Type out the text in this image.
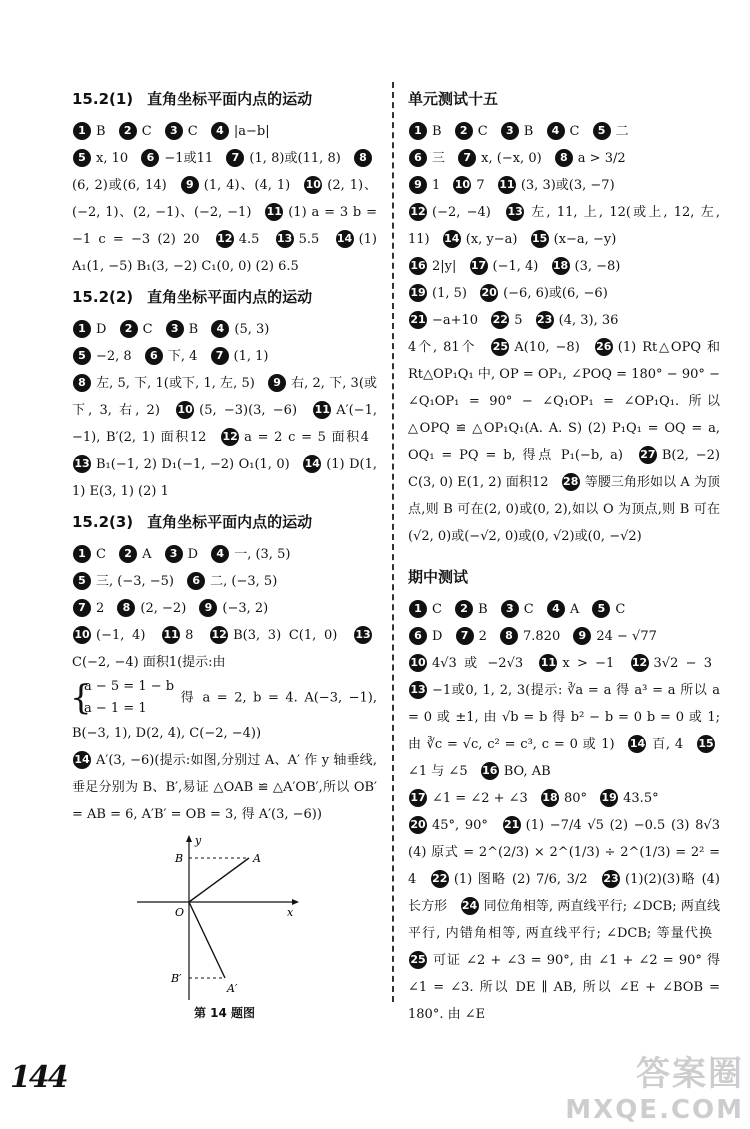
15.2(1) 直角坐标平面内点的运动
1 B 2 C 3 C 4 |a−b|
5 x, 10 6 −1或11 7 (1, 8)或(11, 8) 8(6, 2)或(6, 14) 9 (1, 4)、(4, 1) 10 (2, 1)、(−2, 1)、(2, −1)、(−2, −1) 11 (1) a = 3 b = −1 c = −3 (2) 20 12 4.5 13 5.5 14 (1) A₁(1, −5) B₁(3, −2) C₁(0, 0) (2) 6.5
15.2(2) 直角坐标平面内点的运动
1 D 2 C 3 B 4 (5, 3)
5 −2, 8 6 下, 4 7 (1, 1)
8 左, 5, 下, 1(或下, 1, 左, 5) 9 右, 2, 下, 3(或下, 3, 右, 2) 10 (5, −3)(3, −6) 11 A′(−1, −1), B′(2, 1) 面积12 12 a = 2 c = 5 面积4 13 B₁(−1, 2) D₁(−1, −2) O₁(1, 0) 14 (1) D(1, 1) E(3, 1) (2) 1
15.2(3) 直角坐标平面内点的运动
1 C 2 A 3 D 4 一, (3, 5)
5 三, (−3, −5) 6 二, (−3, 5)
7 2 8 (2, −2) 9 (−3, 2)
10 (−1, 4) 11 8 12 B(3, 3) C(1, 0) 13C(−2, −4) 面积1(提示:由
{ a − 5 = 1 − b
a − 1 = 1 得 a = 2, b = 4. A(−3, −1), B(−3, 1), D(2, 4), C(−2, −4))
14 A′(3, −6)(提示:如图,分别过 A、A′ 作 y 轴垂线,垂足分别为 B、B′,易证 △OAB ≌ △A′OB′,所以 OB′ = AB = 6, A′B′ = OB = 3, 得 A′(3, −6))
y
x
O
A
B
A′
B′
第 14 题图
单元测试十五
1 B 2 C 3 B 4 C 5 二
6 三 7 x, (−x, 0) 8 a > 3/2
9 1 10 7 11 (3, 3)或(3, −7)
12 (−2, −4) 13 左, 11, 上, 12(或上, 12, 左, 11) 14 (x, y−a) 15 (x−a, −y)
16 2|y| 17 (−1, 4) 18 (3, −8)
19 (1, 5) 20 (−6, 6)或(6, −6)
21 −a+10 22 5 23 (4, 3), 36
4个, 81个 25 A(10, −8) 26 (1) Rt△OPQ 和 Rt△OP₁Q₁ 中, OP = OP₁, ∠POQ = 180° − 90° − ∠Q₁OP₁ = 90° − ∠Q₁OP₁ = ∠OP₁Q₁. 所以 △OPQ ≌ △OP₁Q₁(A. A. S) (2) P₁Q₁ = OQ = a, OQ₁ = PQ = b, 得点 P₁(−b, a) 27 B(2, −2) C(3, 0) E(1, 2) 面积12 28 等腰三角形如以 A 为顶点,则 B 可在(2, 0)或(0, 2),如以 O 为顶点,则 B 可在(√2, 0)或(−√2, 0)或(0, √2)或(0, −√2)
期中测试
1 C 2 B 3 C 4 A 5 C
6 D 7 2 8 7.820 9 24 − √77
10 4√3 或 −2√3 11 x > −1 12 3√2 − 3 13 −1或0, 1, 2, 3(提示: ∛a = a 得 a³ = a 所以 a = 0 或 ±1, 由 √b = b 得 b² − b = 0 b = 0 或 1; 由 ∛c = √c, c² = c³, c = 0 或 1) 14 百, 4 15∠1 与 ∠5 16 BO, AB
17 ∠1 = ∠2 + ∠3 18 80° 19 43.5°
20 45°, 90° 21 (1) −7/4 √5 (2) −0.5 (3) 8√3 (4) 原式 = 2^(2/3) × 2^(1/3) ÷ 2^(1/3) = 2² = 4 22 (1) 图略 (2) 7/6, 3/2 23 (1)(2)(3)略 (4) 长方形 24 同位角相等, 两直线平行; ∠DCB; 两直线平行, 内错角相等, 两直线平行; ∠DCB; 等量代换 25 可证 ∠2 + ∠3 = 90°, 由 ∠1 + ∠2 = 90° 得 ∠1 = ∠3. 所以 DE ∥ AB, 所以 ∠E + ∠BOB = 180°. 由 ∠E
144	答案圈
MXQE.COM
